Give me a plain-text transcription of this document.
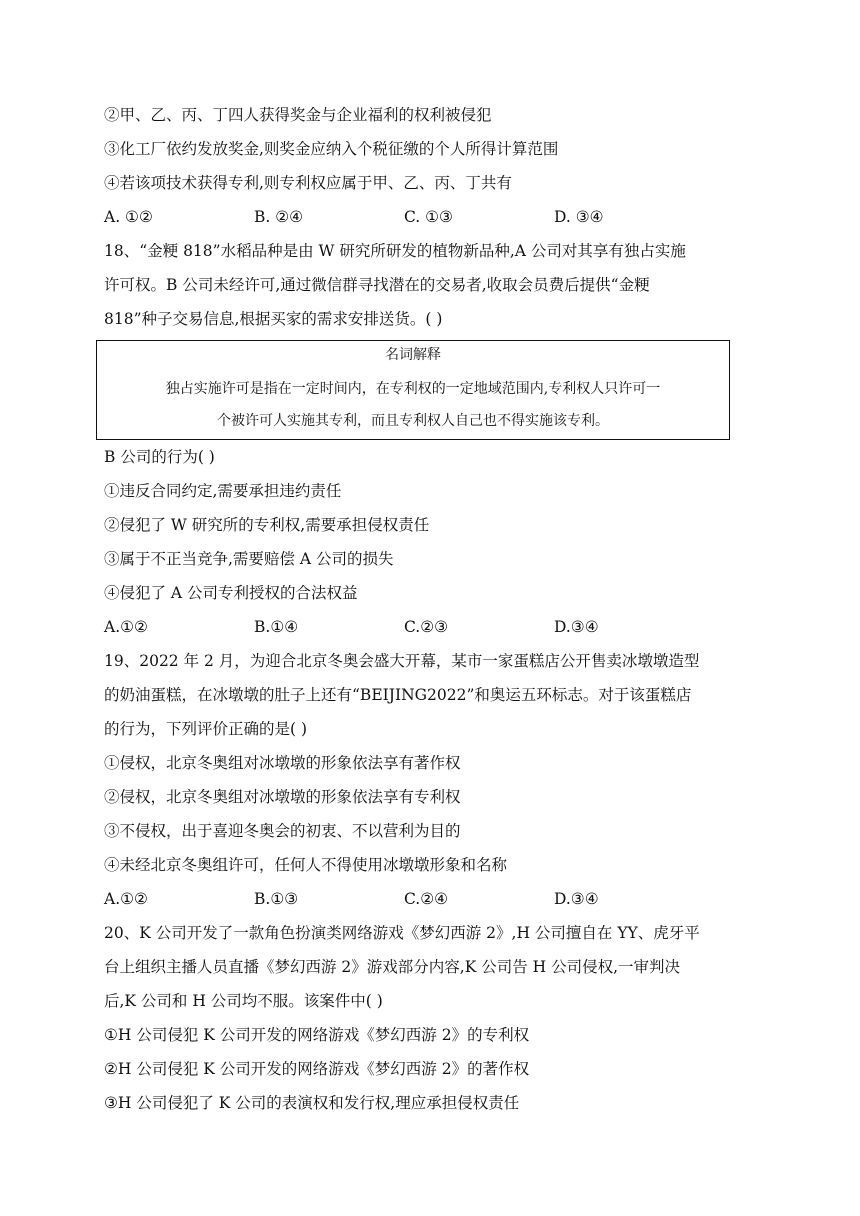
②甲、乙、丙、丁四人获得奖金与企业福利的权利被侵犯
③化工厂依约发放奖金,则奖金应纳入个税征缴的个人所得计算范围
④若该项技术获得专利,则专利权应属于甲、乙、丙、丁共有
A. ①②	B. ②④	C. ①③	D. ③④
18、“金粳 818”水稻品种是由 W 研究所研发的植物新品种,A 公司对其享有独占实施
许可权。B 公司未经许可,通过微信群寻找潜在的交易者,收取会员费后提供“金粳
818”种子交易信息,根据买家的需求安排送货。( )
名词解释
独占实施许可是指在一定时间内，在专利权的一定地域范围内,专利权人只许可一
个被许可人实施其专利，而且专利权人自己也不得实施该专利。
B 公司的行为( )
①违反合同约定,需要承担违约责任
②侵犯了 W 研究所的专利权,需要承担侵权责任
③属于不正当竞争,需要赔偿 A 公司的损失
④侵犯了 A 公司专利授权的合法权益
A.①②	B.①④	C.②③	D.③④
19、2022 年 2 月，为迎合北京冬奥会盛大开幕，某市一家蛋糕店公开售卖冰墩墩造型
的奶油蛋糕，在冰墩墩的肚子上还有“BEIJING2022”和奥运五环标志。对于该蛋糕店
的行为，下列评价正确的是( )
①侵权，北京冬奥组对冰墩墩的形象依法享有著作权
②侵权，北京冬奥组对冰墩墩的形象依法享有专利权
③不侵权，出于喜迎冬奥会的初衷、不以营利为目的
④未经北京冬奥组许可，任何人不得使用冰墩墩形象和名称
A.①②	B.①③	C.②④	D.③④
20、K 公司开发了一款角色扮演类网络游戏《梦幻西游 2》,H 公司擅自在 YY、虎牙平
台上组织主播人员直播《梦幻西游 2》游戏部分内容,K 公司告 H 公司侵权,一审判决
后,K 公司和 H 公司均不服。该案件中( )
①H 公司侵犯 K 公司开发的网络游戏《梦幻西游 2》的专利权
②H 公司侵犯 K 公司开发的网络游戏《梦幻西游 2》的著作权
③H 公司侵犯了 K 公司的表演权和发行权,理应承担侵权责任
